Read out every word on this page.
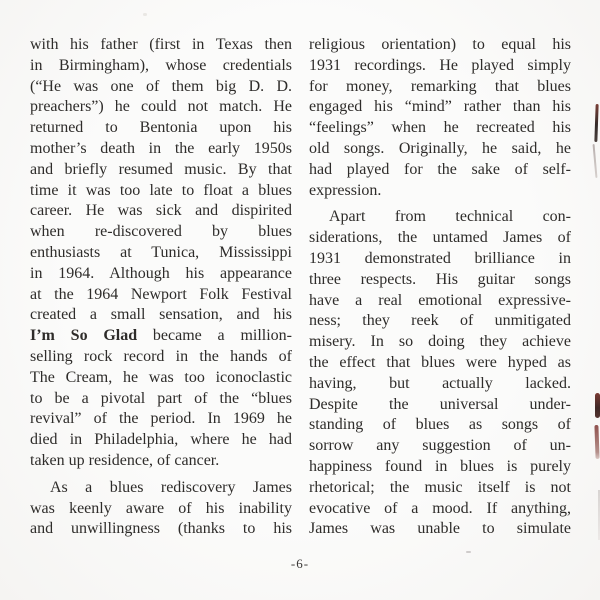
with his father (first in Texas then
in Birmingham), whose credentials
(“He was one of them big D. D.
preachers”) he could not match. He
returned to Bentonia upon his
mother’s death in the early 1950s
and briefly resumed music. By that
time it was too late to float a blues
career. He was sick and dispirited
when re-discovered by blues
enthusiasts at Tunica, Mississippi
in 1964. Although his appearance
at the 1964 Newport Folk Festival
created a small sensation, and his
I’m So Glad became a million-
selling rock record in the hands of
The Cream, he was too iconoclastic
to be a pivotal part of the “blues
revival” of the period. In 1969 he
died in Philadelphia, where he had
taken up residence, of cancer.
As a blues rediscovery James
was keenly aware of his inability
and unwillingness (thanks to his
religious orientation) to equal his
1931 recordings. He played simply
for money, remarking that blues
engaged his “mind” rather than his
“feelings” when he recreated his
old songs. Originally, he said, he
had played for the sake of self-
expression.
Apart from technical con-
siderations, the untamed James of
1931 demonstrated brilliance in
three respects. His guitar songs
have a real emotional expressive-
ness; they reek of unmitigated
misery. In so doing they achieve
the effect that blues were hyped as
having, but actually lacked.
Despite the universal under-
standing of blues as songs of
sorrow any suggestion of un-
happiness found in blues is purely
rhetorical; the music itself is not
evocative of a mood. If anything,
James was unable to simulate
-6-
